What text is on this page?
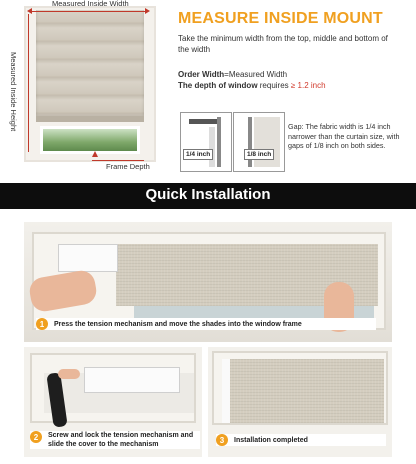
Measured Inside Width
Measured Inside Height
Frame Depth
MEASURE INSIDE MOUNT
Take the minimum width from the top, middle and bottom of the width
Order Width=Measured Width
The depth of window requires ≥ 1.2 inch
1/4 inch	1/8 inch
Gap: The fabric width is 1/4 inch narrower than the curtain size, with gaps of 1/8 inch on both sides.
Quick Installation
1	Press the tension mechanism and move the shades into the window frame
2	Screw and lock the tension mechanism and slide the cover to the mechanism	3	Installation completed
